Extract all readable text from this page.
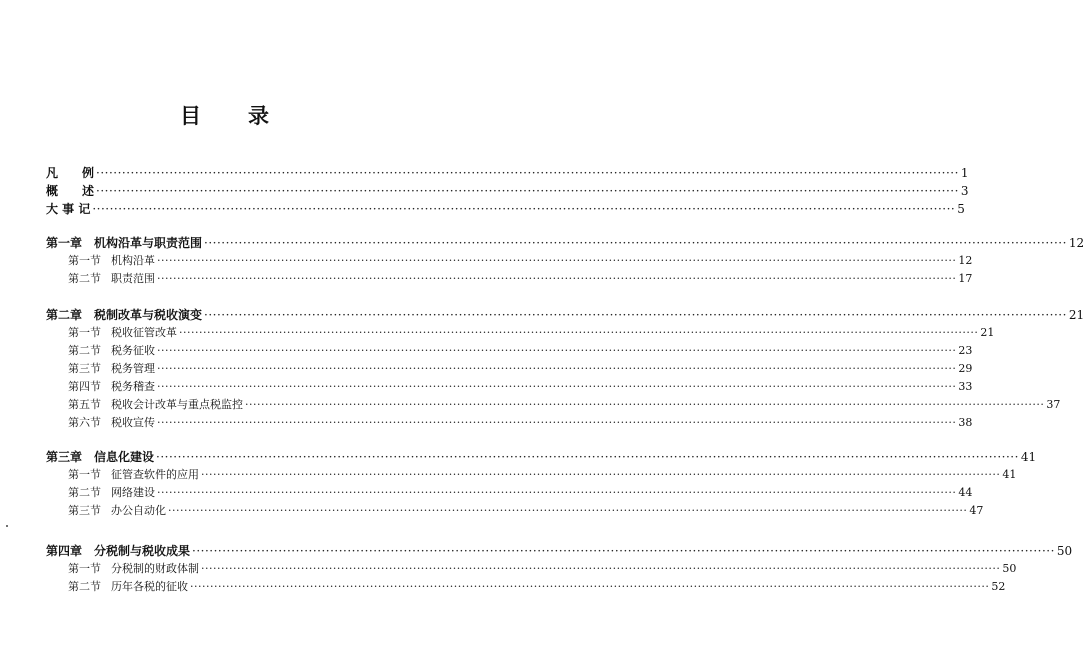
目 录
凡　　例 ········································································································································································································ 1
概　　述 ········································································································································································································ 3
大 事 记 ········································································································································································································ 5
第一章 机构沿革与职责范围 ········································································································································································································ 12
第一节 机构沿革 ········································································································································································································ 12
第二节 职责范围 ········································································································································································································ 17
第二章 税制改革与税收演变 ········································································································································································································ 21
第一节 税收征管改革 ········································································································································································································ 21
第二节 税务征收 ········································································································································································································ 23
第三节 税务管理 ········································································································································································································ 29
第四节 税务稽查 ········································································································································································································ 33
第五节 税收会计改革与重点税监控 ········································································································································································································ 37
第六节 税收宣传 ········································································································································································································ 38
第三章 信息化建设 ········································································································································································································ 41
第一节 征管查软件的应用 ········································································································································································································ 41
第二节 网络建设 ········································································································································································································ 44
第三节 办公自动化 ········································································································································································································ 47
第四章 分税制与税收成果 ········································································································································································································ 50
第一节 分税制的财政体制 ········································································································································································································ 50
第二节 历年各税的征收 ········································································································································································································ 52
